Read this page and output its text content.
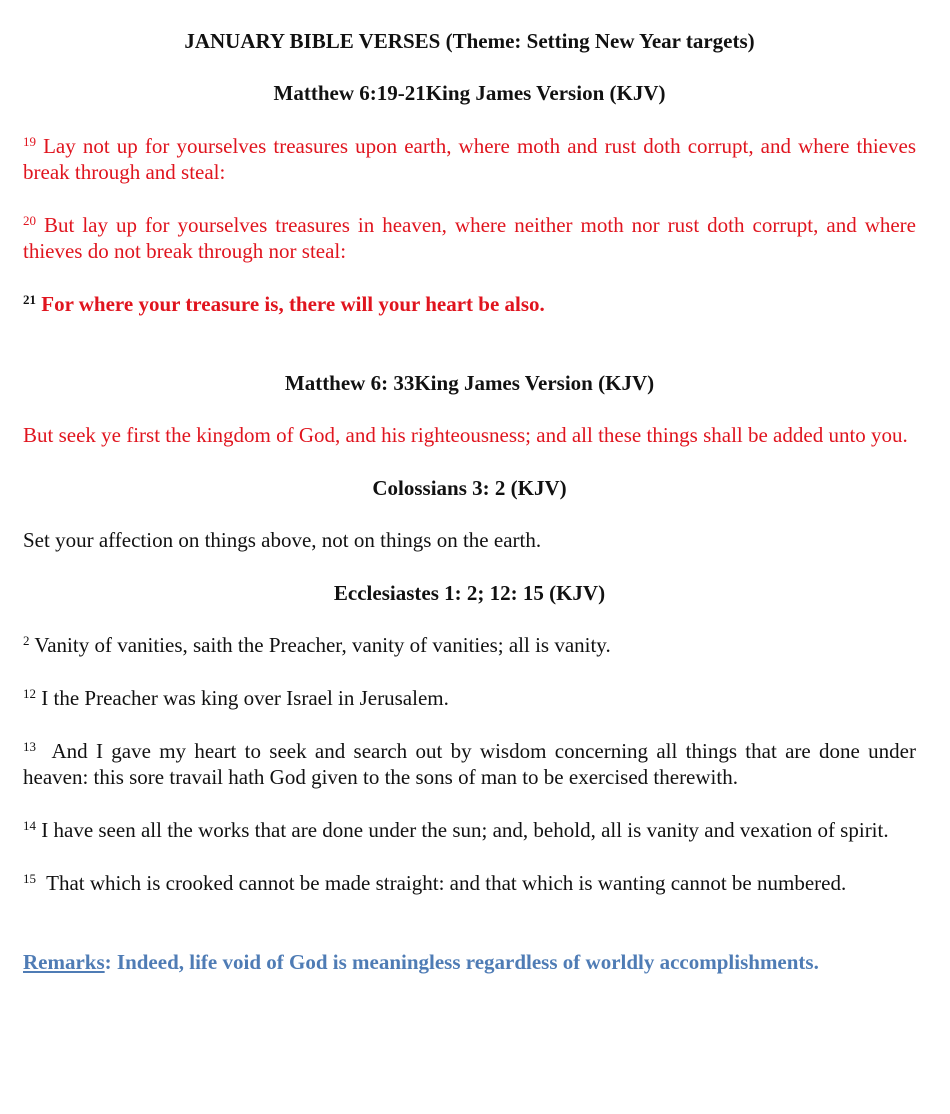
JANUARY BIBLE VERSES (Theme: Setting New Year targets)
Matthew 6:19-21King James Version (KJV)

$^{19}$ Lay not up for yourselves treasures upon earth, where moth and rust doth corrupt, and where thieves break through and steal:

$^{20}$ But lay up for yourselves treasures in heaven, where neither moth nor rust doth corrupt, and where thieves do not break through nor steal:

$^{21}$ For where your treasure is, there will your heart be also.

Matthew 6: 33King James Version (KJV)

But seek ye first the kingdom of God, and his righteousness; and all these things shall be added unto you.

Colossians 3: 2 (KJV)

Set your affection on things above, not on things on the earth.

Ecclesiastes 1: 2; 12: 15 (KJV)

$^2$ Vanity of vanities, saith the Preacher, vanity of vanities; all is vanity.

$^{12}$ I the Preacher was king over Israel in Jerusalem.

$^{13}$ And I gave my heart to seek and search out by wisdom concerning all things that are done under heaven: this sore travail hath God given to the sons of man to be exercised therewith.

$^{14}$ I have seen all the works that are done under the sun; and, behold, all is vanity and vexation of spirit.

$^{15}$ That which is crooked cannot be made straight: and that which is wanting cannot be numbered.

Remarks: Indeed, life void of God is meaningless regardless of worldly accomplishments.
